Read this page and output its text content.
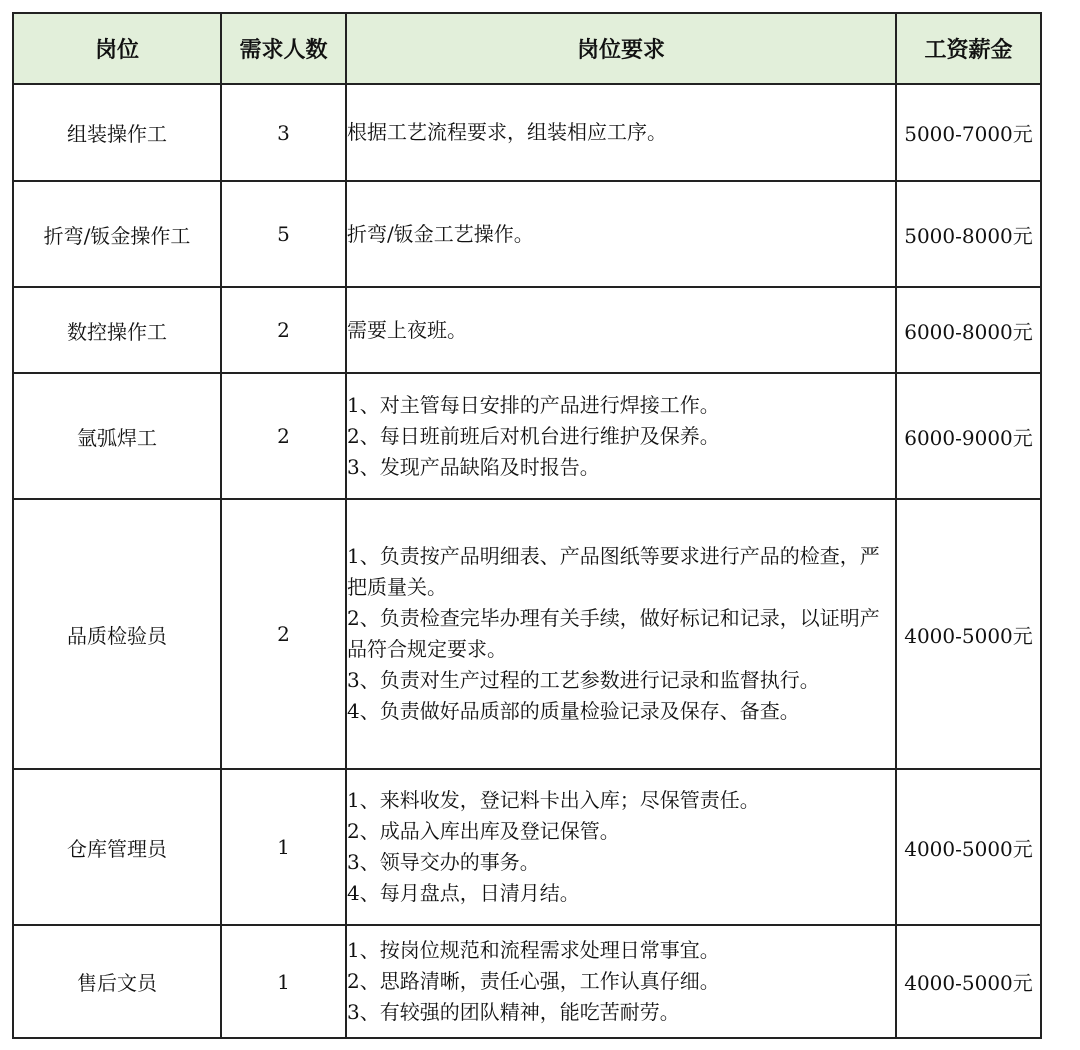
岗位	需求人数	岗位要求	工资薪金
组装操作工	3	根据工艺流程要求，组装相应工序。	5000-7000元
折弯/钣金操作工	5	折弯/钣金工艺操作。	5000-8000元
数控操作工	2	需要上夜班。	6000-8000元
氩弧焊工	2	1、对主管每日安排的产品进行焊接工作。
2、每日班前班后对机台进行维护及保养。
3、发现产品缺陷及时报告。	6000-9000元
品质检验员	2	1、负责按产品明细表、产品图纸等要求进行产品的检查，严把质量关。
2、负责检查完毕办理有关手续，做好标记和记录，以证明产品符合规定要求。
3、负责对生产过程的工艺参数进行记录和监督执行。
4、负责做好品质部的质量检验记录及保存、备查。	4000-5000元
仓库管理员	1	1、来料收发，登记料卡出入库；尽保管责任。
2、成品入库出库及登记保管。
3、领导交办的事务。
4、每月盘点，日清月结。	4000-5000元
售后文员	1	1、按岗位规范和流程需求处理日常事宜。
2、思路清晰，责任心强，工作认真仔细。
3、有较强的团队精神，能吃苦耐劳。	4000-5000元
